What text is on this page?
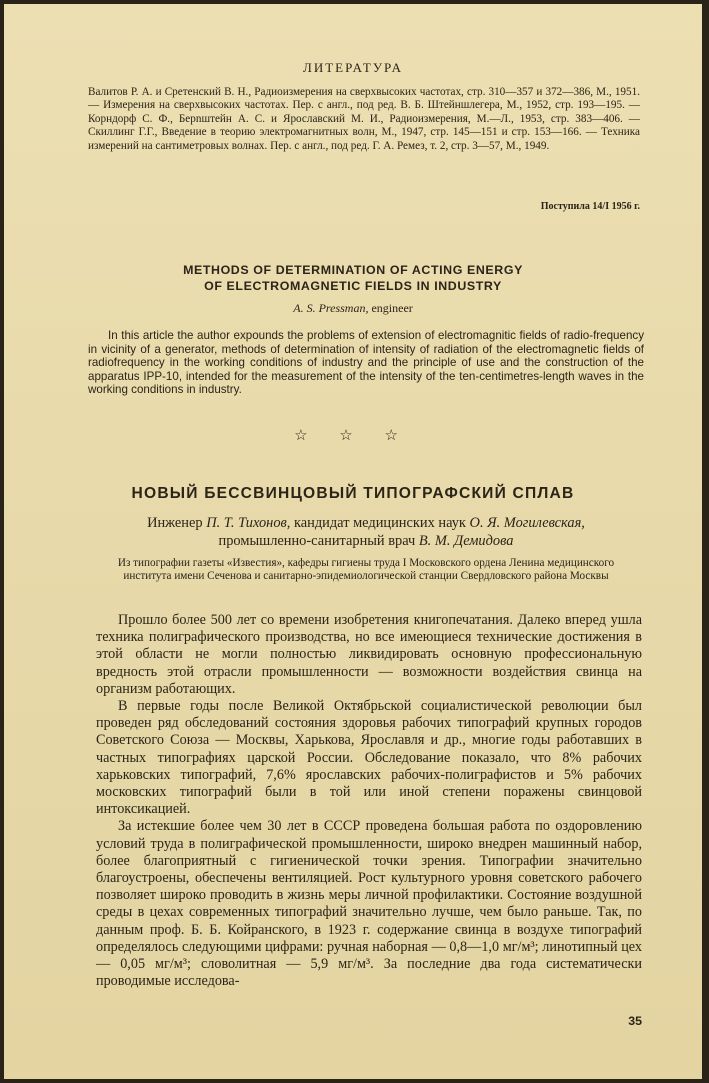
ЛИТЕРАТУРА

Валитов Р. А. и Сретенский В. Н., Радиоизмерения на сверхвысоких частотах, стр. 310—357 и 372—386, М., 1951. — Измерения на сверхвысоких частотах. Пер. с англ., под ред. В. Б. Штейншлегера, М., 1952, стр. 193—195. — Корндорф С. Ф., Берnштейн А. С. и Ярославский М. И., Радиоизмерения, М.—Л., 1953, стр. 383—406. — Скиллинг Г.Г., Введение в теорию электромагнитных волн, М., 1947, стр. 145—151 и стр. 153—166. — Техника измерений на сантиметровых волнах. Пер. с англ., под ред. Г. А. Ремез, т. 2, стр. 3—57, М., 1949.

Поступила 14/I 1956 г.
METHODS OF DETERMINATION OF ACTING ENERGY
OF ELECTROMAGNETIC FIELDS IN INDUSTRY
A. S. Pressman, engineer
In this article the author expounds the problems of extension of electromagnitic fields of radio-frequency in vicinity of a generator, methods of determination of intensity of radiation of the electromagnetic fields of radiofrequency in the working conditions of industry and the principle of use and the construction of the apparatus IPP-10, intended for the measurement of the intensity of the ten-centimetres-length waves in the working conditions in industry.
☆ ☆ ☆
НОВЫЙ БЕССВИНЦОВЫЙ ТИПОГРАФСКИЙ СПЛАВ
Инженер П. Т. Тихонов, кандидат медицинских наук О. Я. Могилевская,
промышленно-санитарный врач В. М. Демидова
Из типографии газеты «Известия», кафедры гигиены труда I Московского ордена Ленина медицинского института имени Сеченова и санитарно-эпидемиологической станции Свердловского района Москвы

Прошло более 500 лет со времени изобретения книгопечатания. Далеко вперед ушла техника полиграфического производства, но все имеющиеся технические достижения в этой области не могли полностью ликвидировать основную профессиональную вредность этой отрасли промышленности — возможности воздействия свинца на организм работающих.

В первые годы после Великой Октябрьской социалистической революции был проведен ряд обследований состояния здоровья рабочих типографий крупных городов Советского Союза — Москвы, Харькова, Ярославля и др., многие годы работавших в частных типографиях царской России. Обследование показало, что 8% рабочих харьковских типографий, 7,6% ярославских рабочих-полиграфистов и 5% рабочих московских типографий были в той или иной степени поражены свинцовой интоксикацией.

За истекшие более чем 30 лет в СССР проведена большая работа по оздоровлению условий труда в полиграфической промышленности, широко внедрен машинный набор, более благоприятный с гигиенической точки зрения. Типографии значительно благоустроены, обеспечены вентиляцией. Рост культурного уровня советского рабочего позволяет широко проводить в жизнь меры личной профилактики. Состояние воздушной среды в цехах современных типографий значительно лучше, чем было раньше. Так, по данным проф. Б. Б. Койранского, в 1923 г. содержание свинца в воздухе типографий определялось следующими цифрами: ручная наборная — 0,8—1,0 мг/м³; линотипный цех — 0,05 мг/м³; словолитная — 5,9 мг/м³. За последние два года систематически проводимые исследова-

35
